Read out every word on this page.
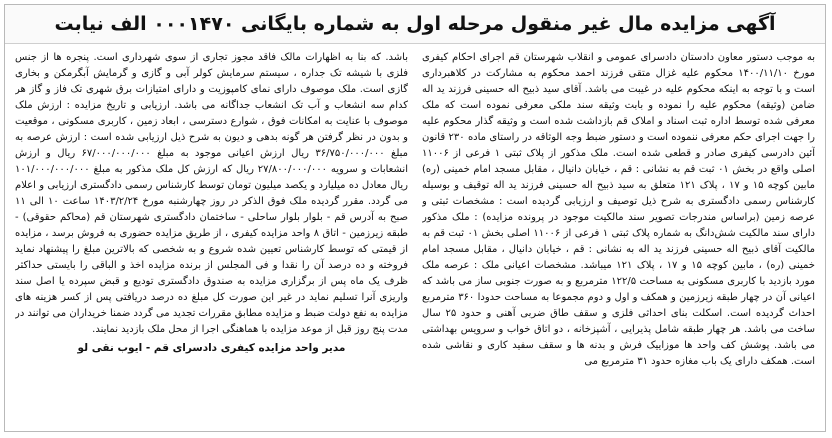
آگهی مزایده مال غیر منقول مرحله اول به شماره بایگانی ۰۰۰۱۴۷۰ الف نیابت

به موجب دستور معاون دادستان دادسرای عمومی و انقلاب شهرستان قم اجرای احکام کیفری مورخ ۱۴۰۰/۱۱/۱۰ محکوم علیه غزال متقی فرزند احمد محکوم به مشارکت در کلاهبرداری است و با توجه به اینکه محکوم علیه در غیبت می باشد. آقای سید ذبیح اله حسینی فرزند ید اله ضامن (وثیقه) محکوم علیه را نموده و بابت وثیقه سند ملکی معرفی نموده است که ملک معرفی شده توسط اداره ثبت اسناد و املاک قم بازداشت شده است و وثیقه گذار محکوم علیه را جهت اجرای حکم معرفی ننموده است و دستور ضبط وجه الوثاقه در راستای ماده ۲۳۰ قانون آئین دادرسی کیفری صادر و قطعی شده است. ملک مذکور از پلاک ثبتی ۱ فرعی از ۱۱۰۰۶ اصلی واقع در بخش ۰۱ ثبت قم به نشانی : قم ، خیابان دانیال ، مقابل مسجد امام خمینی (ره) مابین کوچه ۱۵ و ۱۷ ، پلاک ۱۲۱ متعلق به سید ذبیح اله حسینی فرزند ید اله توقیف و بوسیله کارشناس رسمی دادگستری به شرح ذیل توصیف و ارزیابی گردیده است : مشخصات ثبتی و عرصه زمین (براساس مندرجات تصویر سند مالکیت موجود در پرونده مزایده) : ملک مذکور دارای سند مالکیت شش‌دانگ به شماره پلاک ثبتی ۱ فرعی از ۱۱۰۰۶ اصلی بخش ۰۱ ثبت قم به مالکیت آقای ذبیح اله حسینی فرزند ید اله به نشانی : قم ، خیابان دانیال ، مقابل مسجد امام خمینی (ره) ، مابین کوچه ۱۵ و ۱۷ ، پلاک ۱۲۱ میباشد. مشخصات اعیانی ملک : عرصه ملک مورد بازدید با کاربری مسکونی به مساحت ۱۲۲/۵ مترمربع و به صورت جنوبی ساز می باشد که اعیانی آن در چهار طبقه زیرزمین و همکف و اول و دوم مجموعا به مساحت حدودا ۳۶۰ مترمربع احداث گردیده است. اسکلت بنای احداثی فلزی و سقف طاق ضربی آهنی و حدود ۲۵ سال ساخت می باشد. هر چهار طبقه شامل پذیرایی ، آشپزخانه ، دو اتاق خواب و سرویس بهداشتی می باشد. پوشش کف واحد ها موزاییک فرش و بدنه ها و سقف سفید کاری و نقاشی شده است. همکف دارای یک باب مغازه حدود ۳۱ مترمربع می

باشد. که بنا به اظهارات مالک فاقد مجوز تجاری از سوی شهرداری است. پنجره ها از جنس فلزی با شیشه تک جداره ، سیستم سرمایش کولر آبی و گازی و گرمایش آبگرمکن و بخاری گازی است. ملک موصوف دارای نمای کامپوزیت و دارای امتیازات برق شهری تک فاز و گاز هر کدام سه انشعاب و آب تک انشعاب جداگانه می باشد. ارزیابی و تاریخ مزایده : ارزش ملک موصوف با عنایت به امکانات فوق ، شوارع دسترسی ، ابعاد زمین ، کاربری مسکونی ، موقعیت و بدون در نظر گرفتن هر گونه بدهی و دیون به شرح ذیل ارزیابی شده است : ارزش عرصه به مبلغ ۳۶/۷۵۰/۰۰۰/۰۰۰ ریال ارزش اعیانی موجود به مبلغ ۶۷/۰۰۰/۰۰۰/۰۰۰ ریال و ارزش انشعابات و سرویه ۲۷/۸۰۰/۰۰۰/۰۰۰ ریال که ارزش کل ملک مذکور به مبلغ ۱۰۱/۰۰۰/۰۰۰/۰۰۰ ریال معادل ده میلیارد و یکصد میلیون تومان توسط کارشناس رسمی دادگستری ارزیابی و اعلام می گردد. مقرر گردیده ملک فوق الذکر در روز چهارشنبه مورخ ۱۴۰۳/۲/۲۴ ساعت ۱۰ الی ۱۱ صبح به آدرس قم - بلوار بلوار ساحلی - ساختمان دادگستری شهرستان قم (محاکم حقوقی) - طبقه زیرزمین - اتاق ۸ واحد مزایده کیفری ، از طریق مزایده حضوری به فروش برسد ، مزایده از قیمتی که توسط کارشناس تعیین شده شروع و به شخصی که بالاترین مبلغ را پیشنهاد نماید فروخته و ده درصد آن را نقدا و فی المجلس از برنده مزایده اخذ و الباقی را بایستی حداکثر ظرف یک ماه پس از برگزاری مزایده به صندوق دادگستری تودیع و قبض سپرده یا اصل سند واریزی آنرا تسلیم نماید در غیر این صورت کل مبلغ ده درصد دریافتی پس از کسر هزینه های مزایده به نفع دولت ضبط و مزایده مطابق مقررات تجدید می گردد ضمنا خریداران می توانند در مدت پنج روز قبل از موعد مزایده با هماهنگی اجرا از محل ملک بازدید نمایند.

مدیر واحد مزایده کیفری دادسرای قم - ایوب نقی لو
